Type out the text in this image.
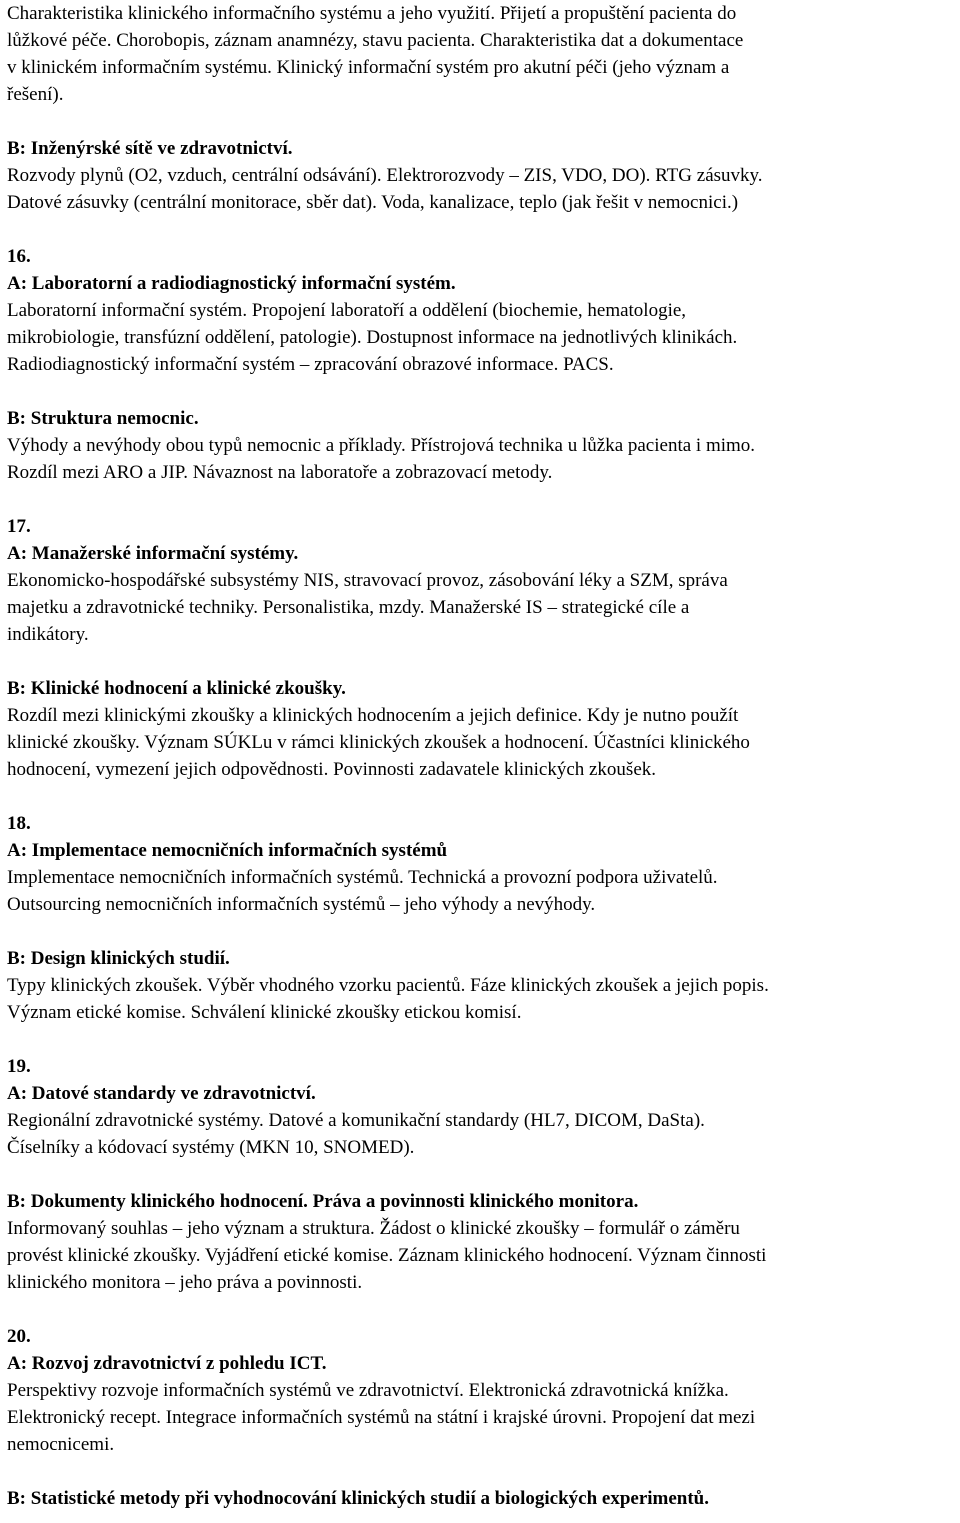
Charakteristika klinického informačního systému a jeho využití. Přijetí a propuštění pacienta do
lůžkové péče. Chorobopis, záznam anamnézy, stavu pacienta. Charakteristika dat a dokumentace
v klinickém informačním systému. Klinický informační systém pro akutní péči (jeho význam a
řešení).
B: Inženýrské sítě ve zdravotnictví.
Rozvody plynů (O2, vzduch, centrální odsávání). Elektrorozvody – ZIS, VDO, DO). RTG zásuvky.
Datové zásuvky (centrální monitorace, sběr dat). Voda, kanalizace, teplo (jak řešit v nemocnici.)
16.
A: Laboratorní a radiodiagnostický informační systém.
Laboratorní informační systém. Propojení laboratoří a oddělení (biochemie, hematologie,
mikrobiologie, transfúzní oddělení, patologie). Dostupnost informace na jednotlivých klinikách.
Radiodiagnostický informační systém – zpracování obrazové informace. PACS.
B: Struktura nemocnic.
Výhody a nevýhody obou typů nemocnic a příklady. Přístrojová technika u lůžka pacienta i mimo.
Rozdíl mezi ARO a JIP. Návaznost na laboratoře a zobrazovací metody.
17.
A: Manažerské informační systémy.
Ekonomicko-hospodářské subsystémy NIS, stravovací provoz, zásobování léky a SZM, správa
majetku a zdravotnické techniky. Personalistika, mzdy. Manažerské IS – strategické cíle a
indikátory.
B: Klinické hodnocení a klinické zkoušky.
Rozdíl mezi klinickými zkoušky a klinických hodnocením a jejich definice. Kdy je nutno použít
klinické zkoušky. Význam SÚKLu v rámci klinických zkoušek a hodnocení. Účastníci klinického
hodnocení, vymezení jejich odpovědnosti. Povinnosti zadavatele klinických zkoušek.
18.
A: Implementace nemocničních informačních systémů
Implementace nemocničních informačních systémů. Technická a provozní podpora uživatelů.
Outsourcing nemocničních informačních systémů – jeho výhody a nevýhody.
B: Design klinických studií.
Typy klinických zkoušek. Výběr vhodného vzorku pacientů. Fáze klinických zkoušek a jejich popis.
Význam etické komise. Schválení klinické zkoušky etickou komisí.
19.
A: Datové standardy ve zdravotnictví.
Regionální zdravotnické systémy. Datové a komunikační standardy (HL7, DICOM, DaSta).
Číselníky a kódovací systémy (MKN 10, SNOMED).
B: Dokumenty klinického hodnocení. Práva a povinnosti klinického monitora.
Informovaný souhlas – jeho význam a struktura. Žádost o klinické zkoušky – formulář o záměru
provést klinické zkoušky. Vyjádření etické komise. Záznam klinického hodnocení. Význam činnosti
klinického monitora – jeho práva a povinnosti.
20.
A: Rozvoj zdravotnictví z pohledu ICT.
Perspektivy rozvoje informačních systémů ve zdravotnictví. Elektronická zdravotnická knížka.
Elektronický recept. Integrace informačních systémů na státní i krajské úrovni. Propojení dat mezi
nemocnicemi.
B: Statistické metody při vyhodnocování klinických studií a biologických experimentů.
